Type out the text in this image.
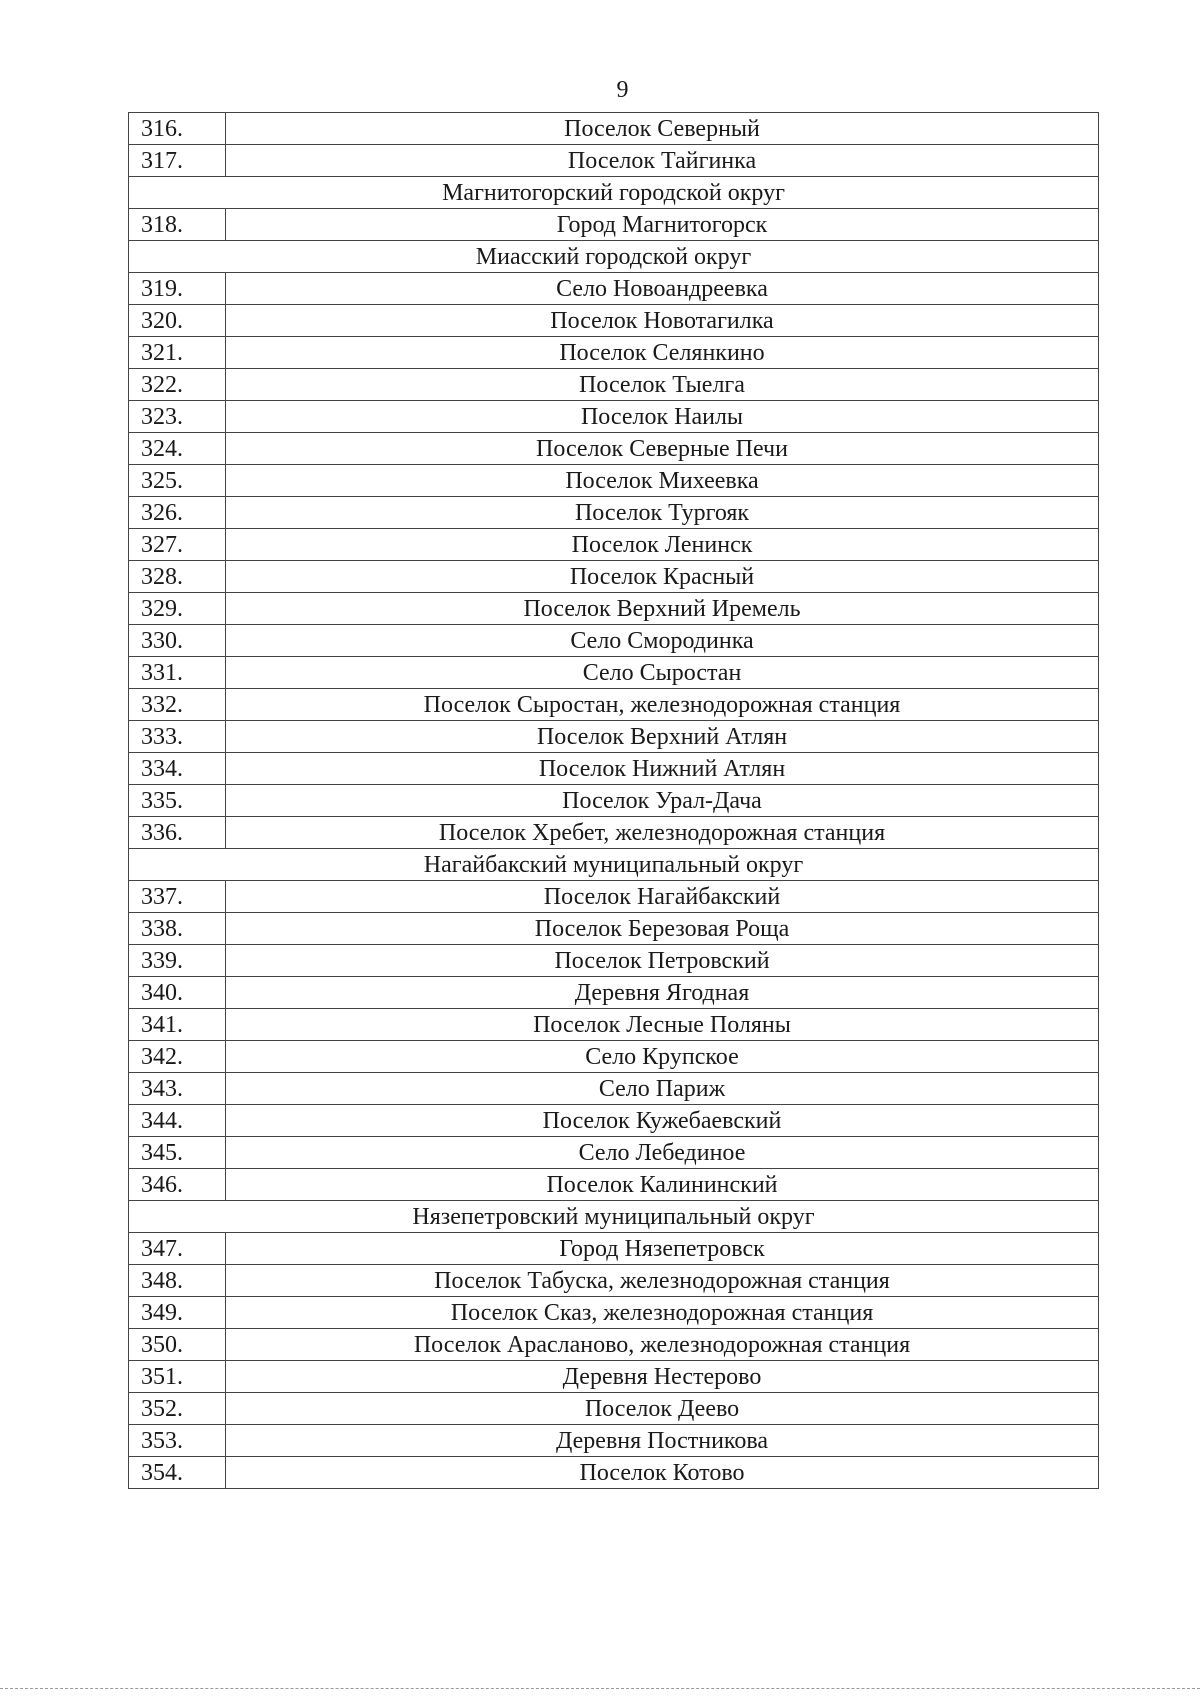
9
316.	Поселок Северный
317.	Поселок Тайгинка
Магнитогорский городской округ	
318.	Город Магнитогорск
Миасский городской округ	
319.	Село Новоандреевка
320.	Поселок Новотагилка
321.	Поселок Селянкино
322.	Поселок Тыелга
323.	Поселок Наилы
324.	Поселок Северные Печи
325.	Поселок Михеевка
326.	Поселок Тургояк
327.	Поселок Ленинск
328.	Поселок Красный
329.	Поселок Верхний Иремель
330.	Село Смородинка
331.	Село Сыростан
332.	Поселок Сыростан, железнодорожная станция
333.	Поселок Верхний Атлян
334.	Поселок Нижний Атлян
335.	Поселок Урал-Дача
336.	Поселок Хребет, железнодорожная станция
Нагайбакский муниципальный округ	
337.	Поселок Нагайбакский
338.	Поселок Березовая Роща
339.	Поселок Петровский
340.	Деревня Ягодная
341.	Поселок Лесные Поляны
342.	Село Крупское
343.	Село Париж
344.	Поселок Кужебаевский
345.	Село Лебединое
346.	Поселок Калининский
Нязепетровский муниципальный округ	
347.	Город Нязепетровск
348.	Поселок Табуска, железнодорожная станция
349.	Поселок Сказ, железнодорожная станция
350.	Поселок Арасланово, железнодорожная станция
351.	Деревня Нестерово
352.	Поселок Деево
353.	Деревня Постникова
354.	Поселок Котово
